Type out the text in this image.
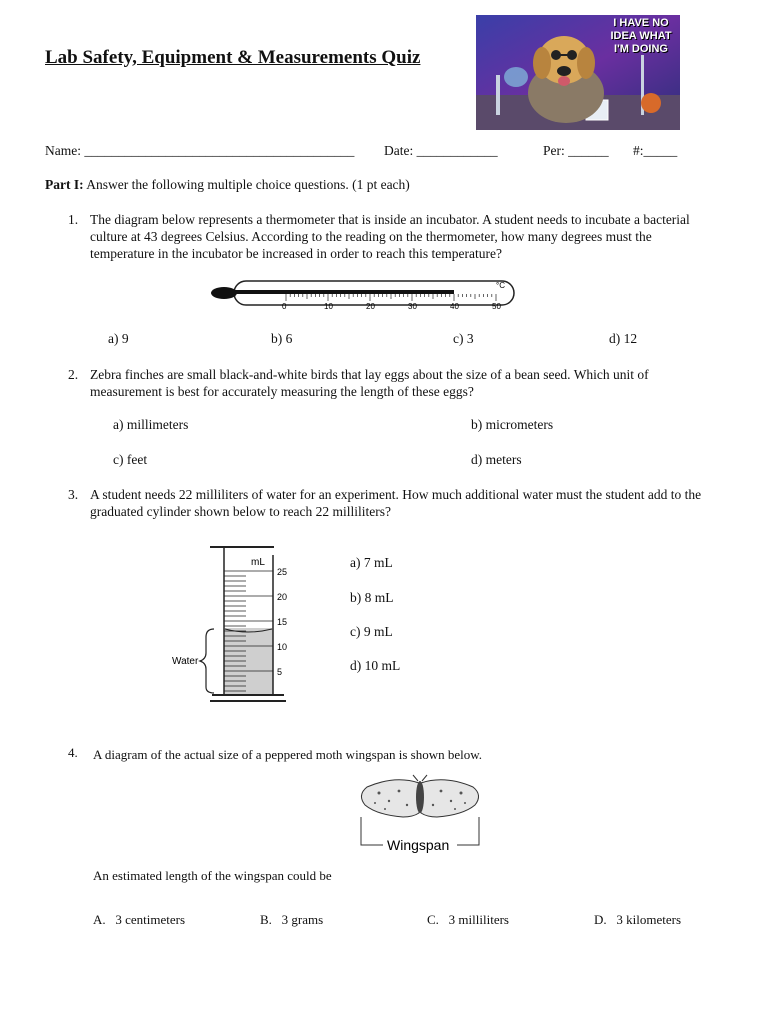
Lab Safety, Equipment & Measurements Quiz
I HAVE NO IDEA WHAT I'M DOING
Name: ________________________________________ Date: ____________	Per: ______ #:_____
Part I: Answer the following multiple choice questions. (1 pt each)
1. The diagram below represents a thermometer that is inside an incubator. A student needs to incubate a bacterial culture at 43 degrees Celsius. According to the reading on the thermometer, how many degrees must the temperature in the incubator be increased in order to reach this temperature?
0	10	20	30	40	50
°C
a) 9	b) 6	c) 3	d) 12
2. Zebra finches are small black-and-white birds that lay eggs about the size of a bean seed. Which unit of measurement is best for accurately measuring the length of these eggs?
a) millimeters	b) micrometers
c) feet	d) meters
3. A student needs 22 milliliters of water for an experiment. How much additional water must the student add to the graduated cylinder shown below to reach 22 milliliters?
mL
25
20
15
10
5
Water
a) 7 mL
b) 8 mL
c) 9 mL
d) 10 mL
4. A diagram of the actual size of a peppered moth wingspan is shown below.
Wingspan
An estimated length of the wingspan could be
A. 3 centimeters	B. 3 grams	C. 3 milliliters	D. 3 kilometers
